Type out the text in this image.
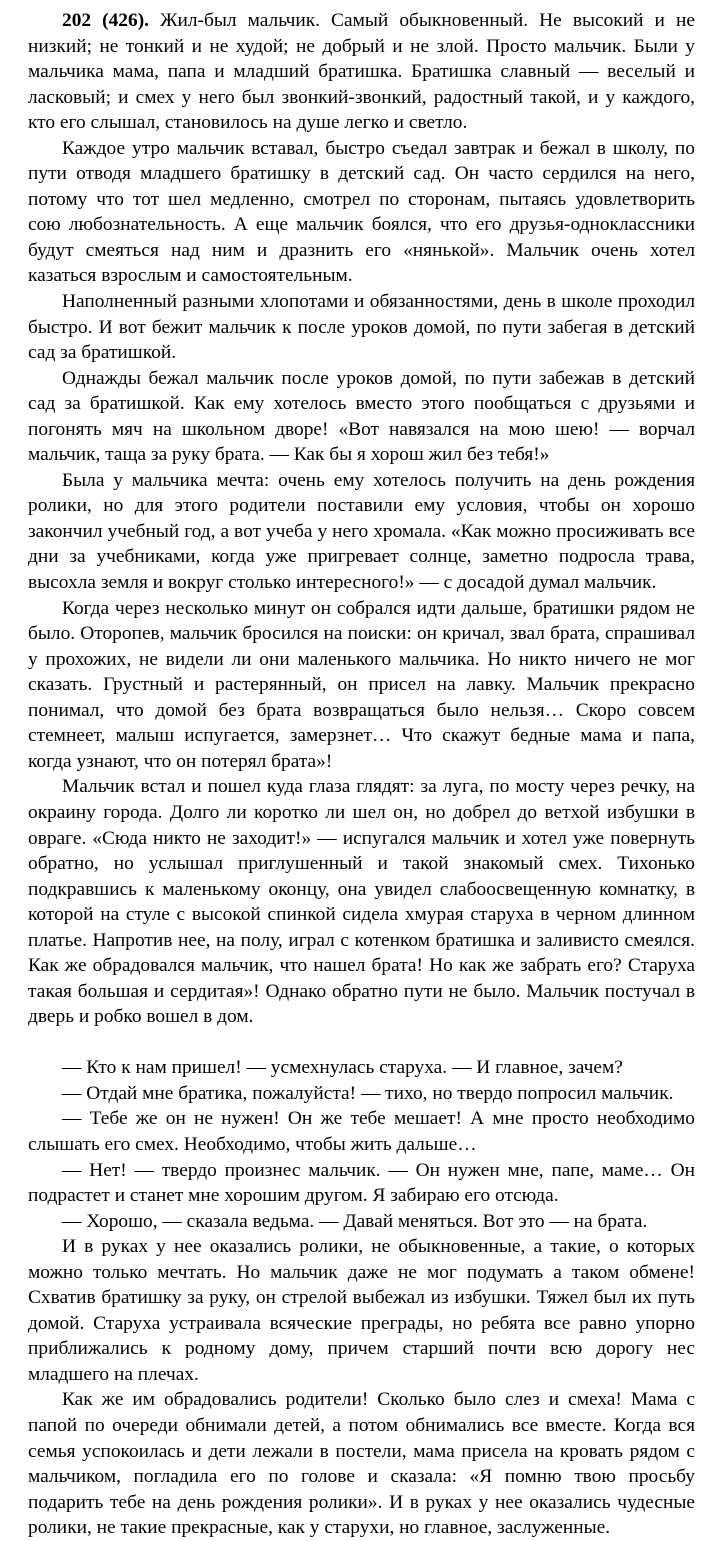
202 (426). Жил-был мальчик. Самый обыкновенный. Не высокий и не низкий; не тонкий и не худой; не добрый и не злой. Просто мальчик. Были у мальчика мама, папа и младший братишка. Братишка славный — веселый и ласковый; и смех у него был звонкий-звонкий, радостный такой, и у каждого, кто его слышал, становилось на душе легко и светло.

Каждое утро мальчик вставал, быстро съедал завтрак и бежал в школу, по пути отводя младшего братишку в детский сад. Он часто сердился на него, потому что тот шел медленно, смотрел по сторонам, пытаясь удовлетворить сою любознательность. А еще мальчик боялся, что его друзья-одноклассники будут смеяться над ним и дразнить его «нянькой». Мальчик очень хотел казаться взрослым и самостоятельным.

Наполненный разными хлопотами и обязанностями, день в школе проходил быстро. И вот бежит мальчик к после уроков домой, по пути забегая в детский сад за братишкой.

Однажды бежал мальчик после уроков домой, по пути забежав в детский сад за братишкой. Как ему хотелось вместо этого пообщаться с друзьями и погонять мяч на школьном дворе! «Вот навязался на мою шею! — ворчал мальчик, таща за руку брата. — Как бы я хорош жил без тебя!»

Была у мальчика мечта: очень ему хотелось получить на день рождения ролики, но для этого родители поставили ему условия, чтобы он хорошо закончил учебный год, а вот учеба у него хромала. «Как можно просиживать все дни за учебниками, когда уже пригревает солнце, заметно подросла трава, высохла земля и вокруг столько интересного!» — с досадой думал мальчик.

Когда через несколько минут он собрался идти дальше, братишки рядом не было. Оторопев, мальчик бросился на поиски: он кричал, звал брата, спрашивал у прохожих, не видели ли они маленького мальчика. Но никто ничего не мог сказать. Грустный и растерянный, он присел на лавку. Мальчик прекрасно понимал, что домой без брата возвращаться было нельзя… Скоро совсем стемнеет, малыш испугается, замерзнет… Что скажут бедные мама и папа, когда узнают, что он потерял брата»!

Мальчик встал и пошел куда глаза глядят: за луга, по мосту через речку, на окраину города. Долго ли коротко ли шел он, но добрел до ветхой избушки в овраге. «Сюда никто не заходит!» — испугался мальчик и хотел уже повернуть обратно, но услышал приглушенный и такой знакомый смех. Тихонько подкравшись к маленькому оконцу, она увидел слабоосвещенную комнатку, в которой на стуле с высокой спинкой сидела хмурая старуха в черном длинном платье. Напротив нее, на полу, играл с котенком братишка и заливисто смеялся. Как же обрадовался мальчик, что нашел брата! Но как же забрать его? Старуха такая большая и сердитая»! Однако обратно пути не было. Мальчик постучал в дверь и робко вошел в дом.

— Кто к нам пришел! — усмехнулась старуха. — И главное, зачем?

— Отдай мне братика, пожалуйста! — тихо, но твердо попросил мальчик.

— Тебе же он не нужен! Он же тебе мешает! А мне просто необходимо слышать его смех. Необходимо, чтобы жить дальше…

— Нет! — твердо произнес мальчик. — Он нужен мне, папе, маме… Он подрастет и станет мне хорошим другом. Я забираю его отсюда.

— Хорошо, — сказала ведьма. — Давай меняться. Вот это — на брата.

И в руках у нее оказались ролики, не обыкновенные, а такие, о которых можно только мечтать. Но мальчик даже не мог подумать а таком обмене! Схватив братишку за руку, он стрелой выбежал из избушки. Тяжел был их путь домой. Старуха устраивала всяческие преграды, но ребята все равно упорно приближались к родному дому, причем старший почти всю дорогу нес младшего на плечах.

Как же им обрадовались родители! Сколько было слез и смеха! Мама с папой по очереди обнимали детей, а потом обнимались все вместе. Когда вся семья успокоилась и дети лежали в постели, мама присела на кровать рядом с мальчиком, погладила его по голове и сказала: «Я помню твою просьбу подарить тебе на день рождения ролики». И в руках у нее оказались чудесные ролики, не такие прекрасные, как у старухи, но главное, заслуженные.
